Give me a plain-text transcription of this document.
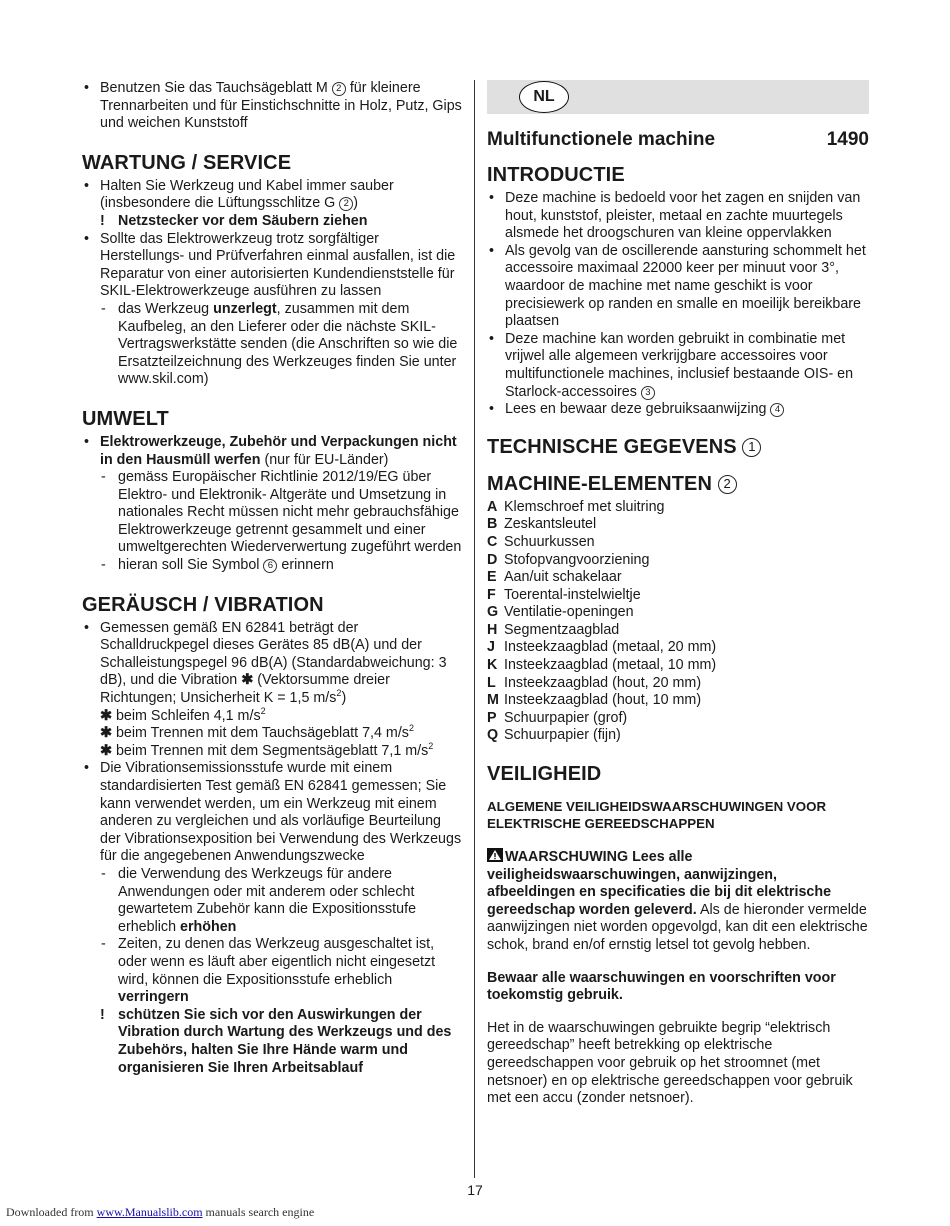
• Benutzen Sie das Tauchsägeblatt M 2 für kleinere Trennarbeiten und für Einstichschnitte in Holz, Putz, Gips und weichen Kunststoff
WARTUNG / SERVICE
• Halten Sie Werkzeug und Kabel immer sauber (insbesondere die Lüftungsschlitze G 2 )
! Netzstecker vor dem Säubern ziehen
• Sollte das Elektrowerkzeug trotz sorgfältiger Herstellungs- und Prüfverfahren einmal ausfallen, ist die Reparatur von einer autorisierten Kundendienststelle für SKIL-Elektrowerkzeuge ausführen zu lassen
- das Werkzeug unzerlegt, zusammen mit dem Kaufbeleg, an den Lieferer oder die nächste SKIL-Vertragswerkstätte senden (die Anschriften so wie die Ersatzteilzeichnung des Werkzeuges finden Sie unter www.skil.com)
UMWELT
• Elektrowerkzeuge, Zubehör und Verpackungen nicht in den Hausmüll werfen (nur für EU-Länder)
- gemäss Europäischer Richtlinie 2012/19/EG über Elektro- und Elektronik- Altgeräte und Umsetzung in nationales Recht müssen nicht mehr gebrauchsfähige Elektrowerkzeuge getrennt gesammelt und einer umweltgerechten Wiederverwertung zugeführt werden
- hieran soll Sie Symbol 6 erinnern
GERÄUSCH / VIBRATION
• Gemessen gemäß EN 62841 beträgt der Schalldruckpegel dieses Gerätes 85 dB(A) und der Schalleistungspegel 96 dB(A) (Standardabweichung: 3 dB), und die Vibration ✱ (Vektorsumme dreier Richtungen; Unsicherheit K = 1,5 $m/s^2$)
✱ beim Schleifen 4,1 $m/s^2$
✱ beim Trennen mit dem Tauchsägeblatt 7,4 $m/s^2$
✱ beim Trennen mit dem Segmentsägeblatt 7,1 $m/s^2$
• Die Vibrationsemissionsstufe wurde mit einem standardisierten Test gemäß EN 62841 gemessen; Sie kann verwendet werden, um ein Werkzeug mit einem anderen zu vergleichen und als vorläufige Beurteilung der Vibrationsexposition bei Verwendung des Werkzeugs für die angegebenen Anwendungszwecke
- die Verwendung des Werkzeugs für andere Anwendungen oder mit anderem oder schlecht gewartetem Zubehör kann die Expositionsstufe erheblich erhöhen
- Zeiten, zu denen das Werkzeug ausgeschaltet ist, oder wenn es läuft aber eigentlich nicht eingesetzt wird, können die Expositionsstufe erheblich verringern
! schützen Sie sich vor den Auswirkungen der Vibration durch Wartung des Werkzeugs und des Zubehörs, halten Sie Ihre Hände warm und organisieren Sie Ihren Arbeitsablauf
NL
Multifunctionele machine	1490
INTRODUCTIE
• Deze machine is bedoeld voor het zagen en snijden van hout, kunststof, pleister, metaal en zachte muurtegels alsmede het droogschuren van kleine oppervlakken
• Als gevolg van de oscillerende aansturing schommelt het accessoire maximaal 22000 keer per minuut voor 3°, waardoor de machine met name geschikt is voor precisiewerk op randen en smalle en moeilijk bereikbare plaatsen
• Deze machine kan worden gebruikt in combinatie met vrijwel alle algemeen verkrijgbare accessoires voor multifunctionele machines, inclusief bestaande OIS- en Starlock-accessoires 3
• Lees en bewaar deze gebruiksaanwijzing 4
TECHNISCHE GEGEVENS 1
MACHINE-ELEMENTEN 2
A Klemschroef met sluitring
B Zeskantsleutel
C Schuurkussen
D Stofopvangvoorziening
E Aan/uit schakelaar
F Toerental-instelwieltje
G Ventilatie-openingen
H Segmentzaagblad
J Insteekzaagblad (metaal, 20 mm)
K Insteekzaagblad (metaal, 10 mm)
L Insteekzaagblad (hout, 20 mm)
M Insteekzaagblad (hout, 10 mm)
P Schuurpapier (grof)
Q Schuurpapier (fijn)
VEILIGHEID
ALGEMENE VEILIGHEIDSWAARSCHUWINGEN VOOR ELEKTRISCHE GEREEDSCHAPPEN
WAARSCHUWING Lees alle veiligheidswaarschuwingen, aanwijzingen, afbeeldingen en specificaties die bij dit elektrische gereedschap worden geleverd. Als de hieronder vermelde aanwijzingen niet worden opgevolgd, kan dit een elektrische schok, brand en/of ernstig letsel tot gevolg hebben.
Bewaar alle waarschuwingen en voorschriften voor toekomstig gebruik.
Het in de waarschuwingen gebruikte begrip “elektrisch gereedschap” heeft betrekking op elektrische gereedschappen voor gebruik op het stroomnet (met netsnoer) en op elektrische gereedschappen voor gebruik met een accu (zonder netsnoer).
17
Downloaded from www.Manualslib.com manuals search engine
